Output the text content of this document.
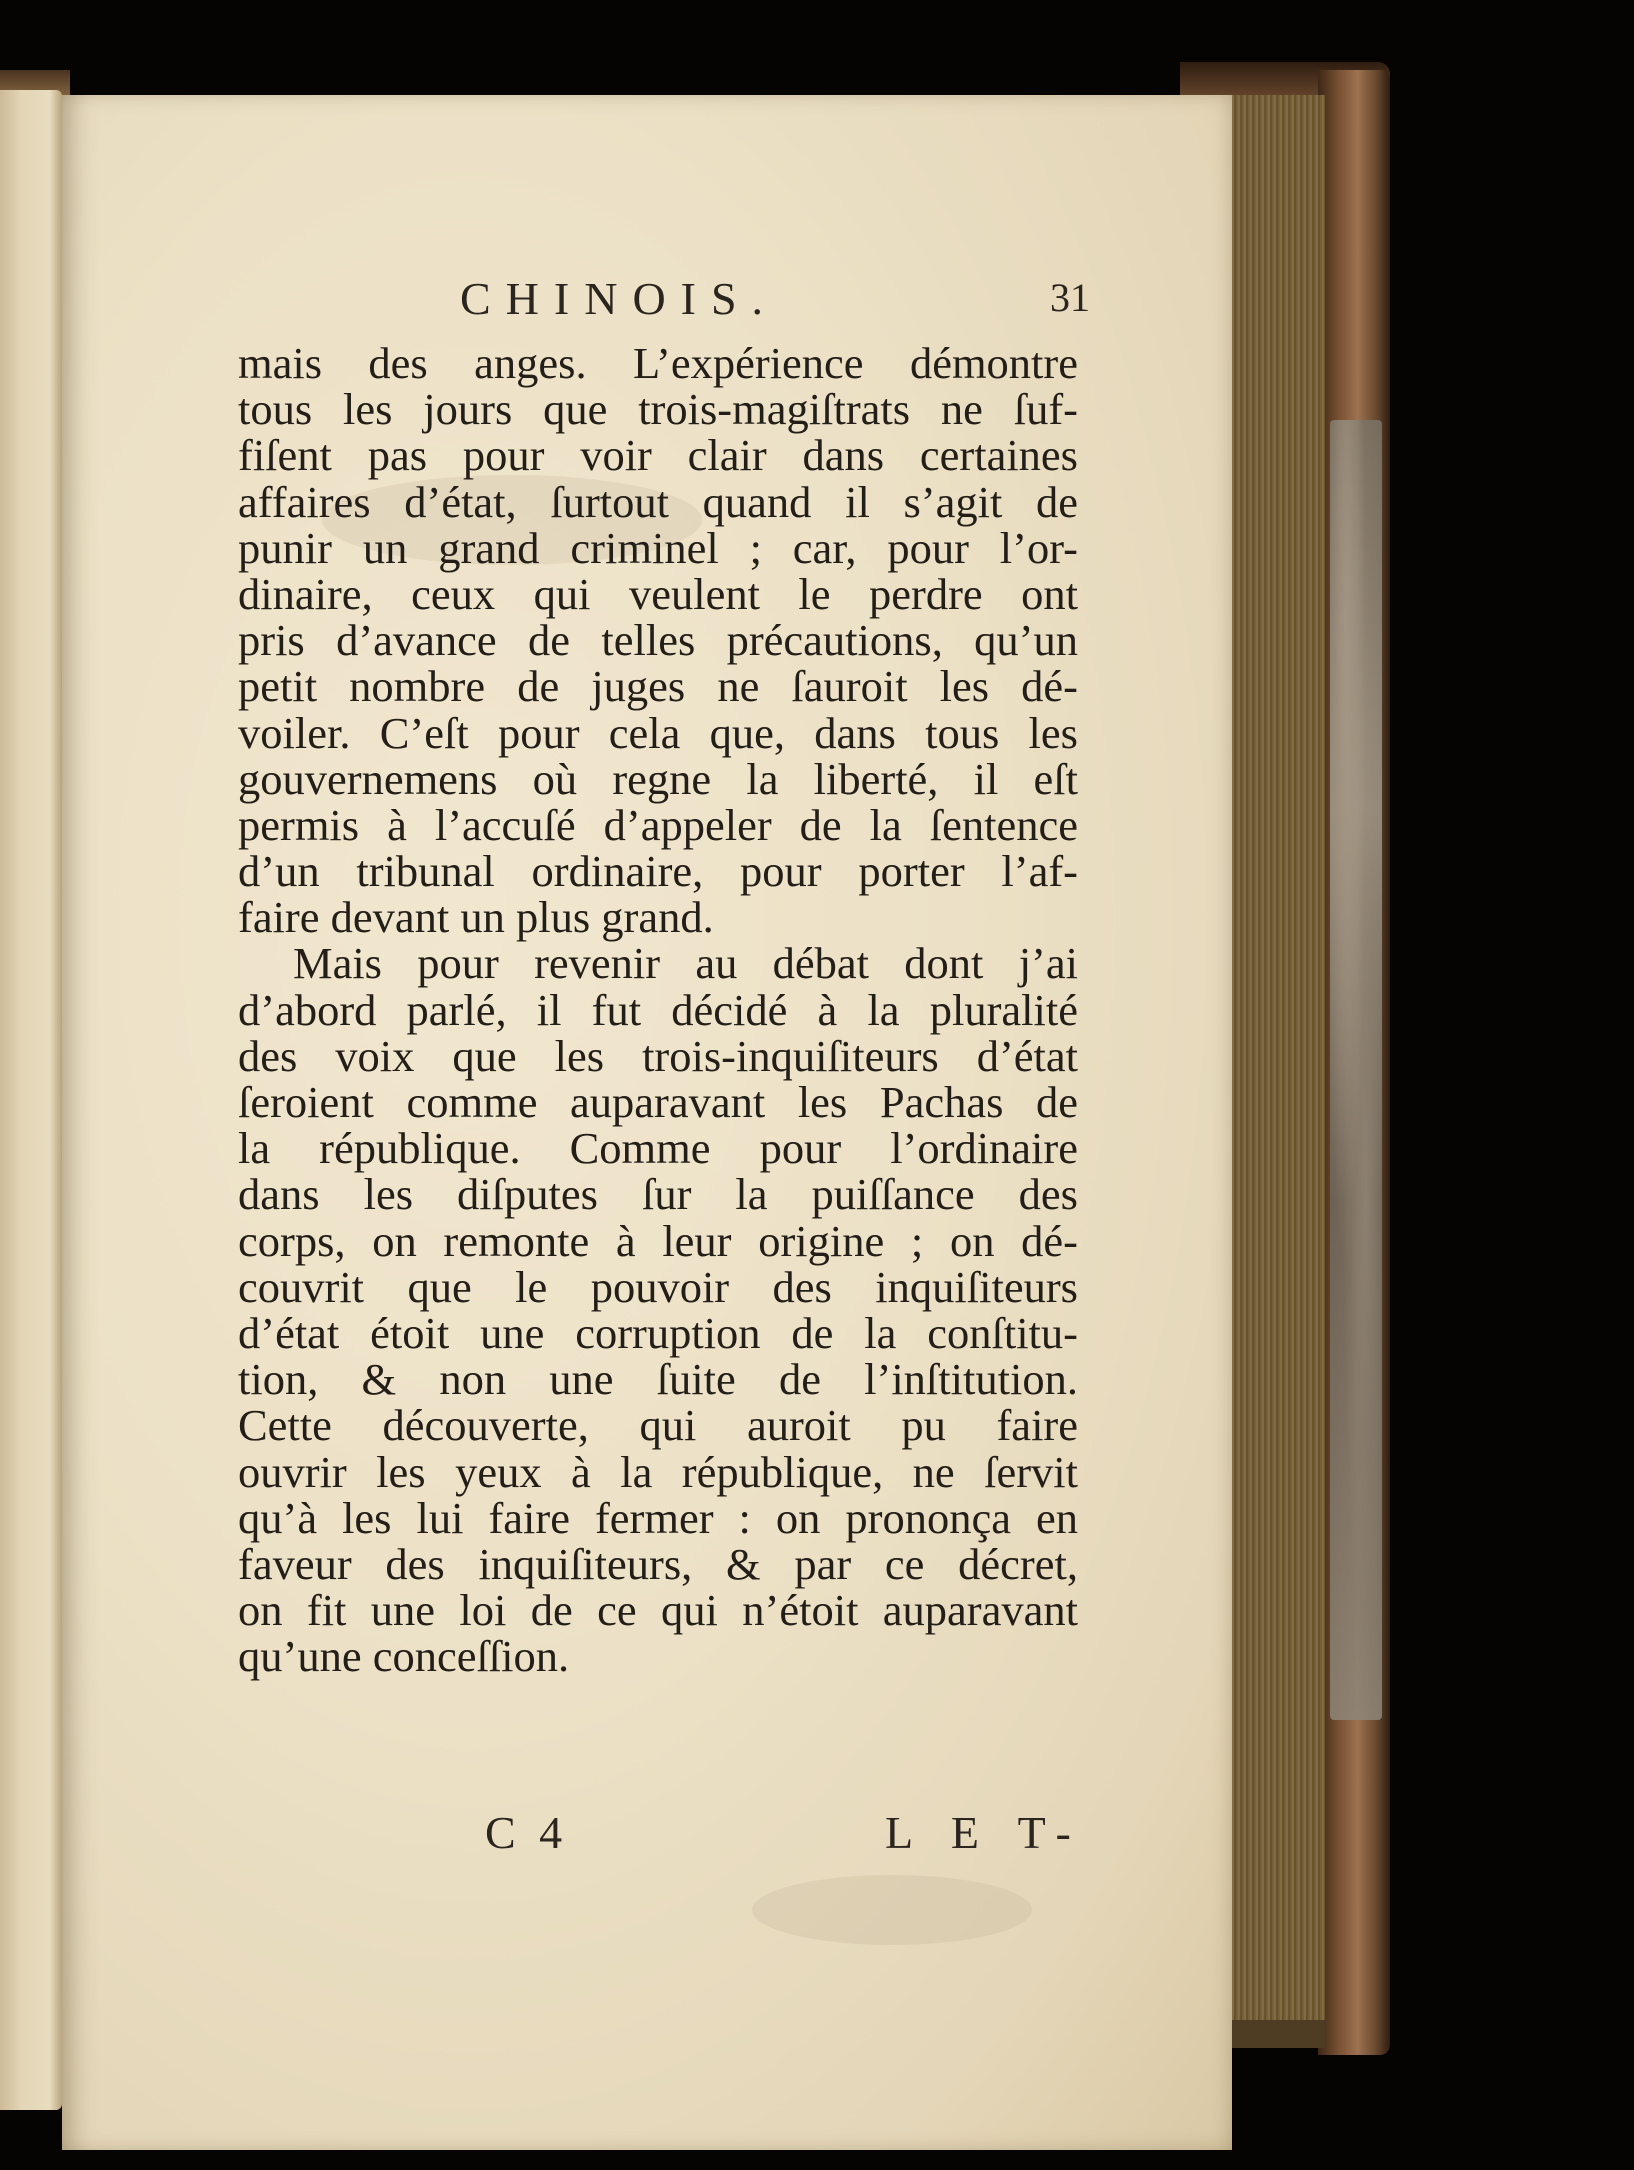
CHINOIS.	31
mais des anges. L’expérience démontre
tous les jours que trois-magiſtrats ne ſuf-
fiſent pas pour voir clair dans certaines
affaires d’état, ſurtout quand il s’agit de
punir un grand criminel ; car, pour l’or-
dinaire, ceux qui veulent le perdre ont
pris d’avance de telles précautions, qu’un
petit nombre de juges ne ſauroit les dé-
voiler. C’eſt pour cela que, dans tous les
gouvernemens où regne la liberté, il eſt
permis à l’accuſé d’appeler de la ſentence
d’un tribunal ordinaire, pour porter l’af-
faire devant un plus grand.
Mais pour revenir au débat dont j’ai
d’abord parlé, il fut décidé à la pluralité
des voix que les trois-inquiſiteurs d’état
ſeroient comme auparavant les Pachas de
la république. Comme pour l’ordinaire
dans les diſputes ſur la puiſſance des
corps, on remonte à leur origine ; on dé-
couvrit que le pouvoir des inquiſiteurs
d’état étoit une corruption de la conſtitu-
tion, & non une ſuite de l’inſtitution.
Cette découverte, qui auroit pu faire
ouvrir les yeux à la république, ne ſervit
qu’à les lui faire fermer : on prononça en
faveur des inquiſiteurs, & par ce décret,
on fit une loi de ce qui n’étoit auparavant
qu’une conceſſion.
C 4	L E T-
